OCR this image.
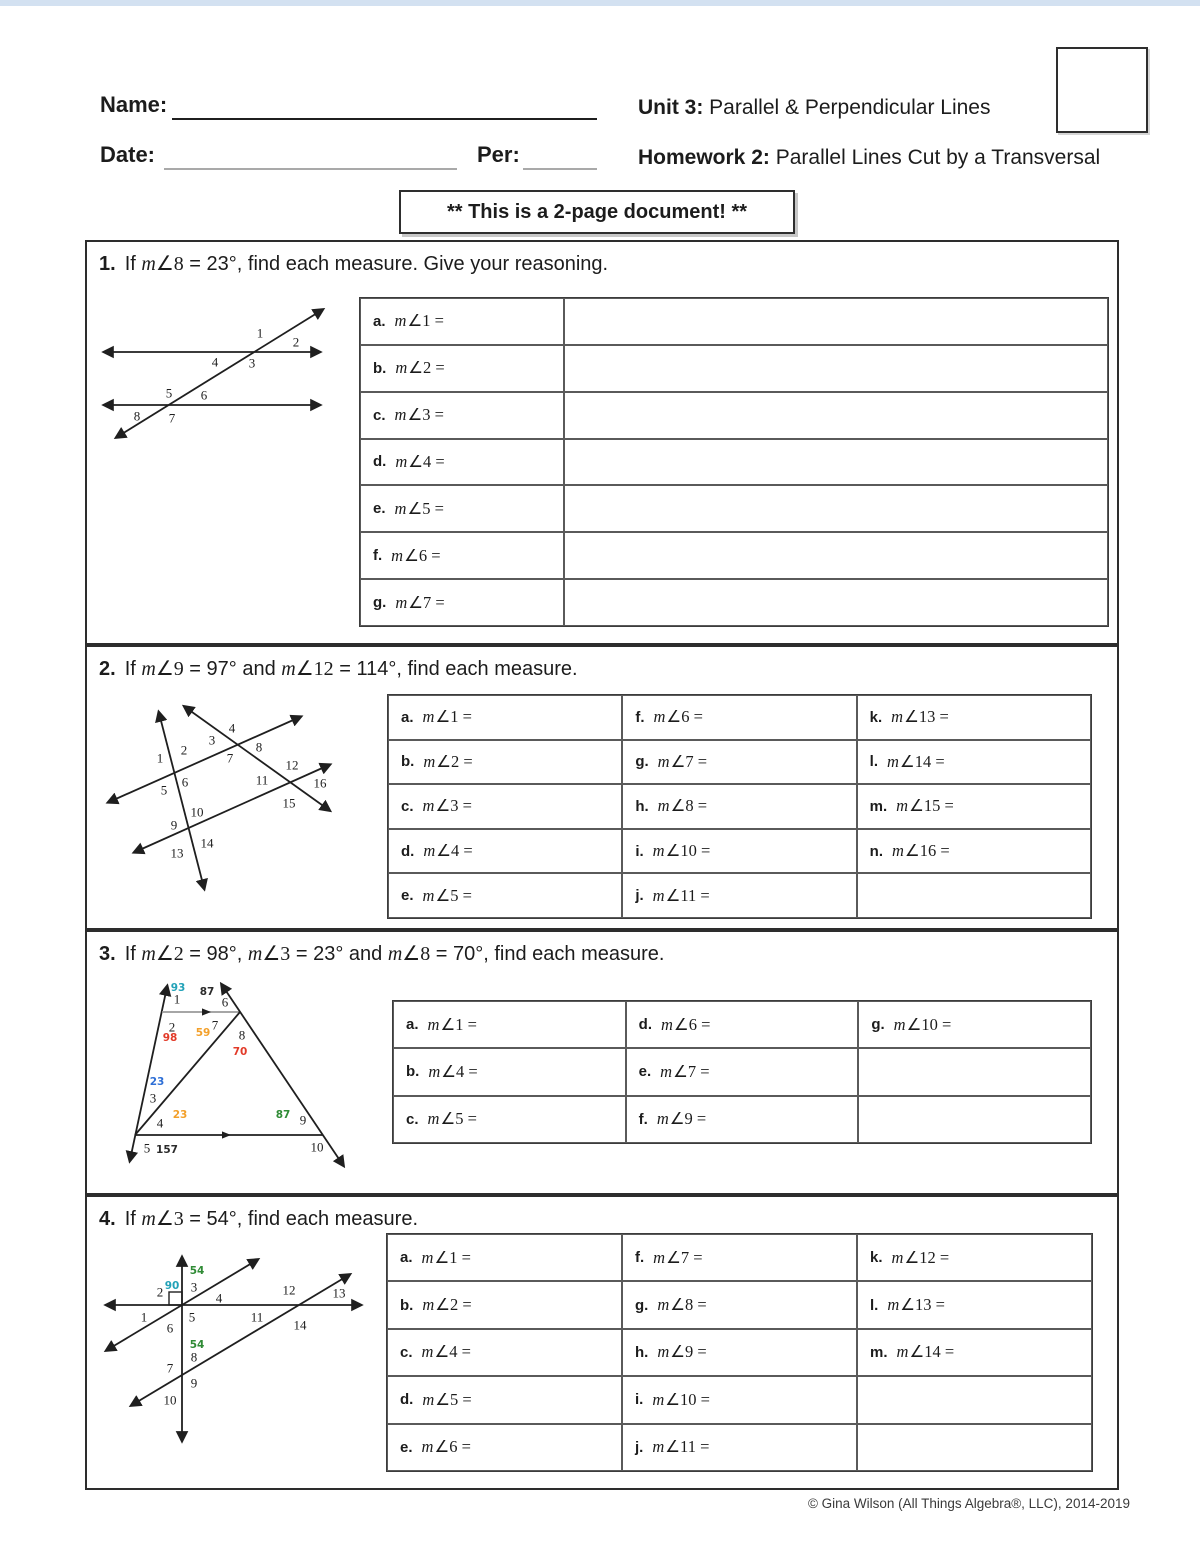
Name:	Unit 3: Parallel & Perpendicular Lines
Date:	Per:	Homework 2: Parallel Lines Cut by a Transversal
** This is a 2-page document! **
1. If m∠8 = 23°, find each measure. Give your reasoning.
1
2
4 3
5 6
8 7
a. m∠1 =
b. m∠2 =
c. m∠3 =
d. m∠4 =
e. m∠5 =
f. m∠6 =
g. m∠7 =
2. If m∠9 = 97° and m∠12 = 114°, find each measure.
1
2
5
6
3
4
7
8
9
10
13
14
11
12
15
16
a. m∠1 =	f. m∠6 =	k. m∠13 =
b. m∠2 =	g. m∠7 =	l. m∠14 =
c. m∠3 =	h. m∠8 =	m. m∠15 =
d. m∠4 =	i. m∠10 =	n. m∠16 =
e. m∠5 =	j. m∠11 =
3. If m∠2 = 98°, m∠3 = 23° and m∠8 = 70°, find each measure.
93
1 87
6
2
98 59
7
8
70
23
3
4
23	87 9
5 157	10
a. m∠1 =	d. m∠6 =	g. m∠10 =
b. m∠4 =	e. m∠7 =
c. m∠5 =	f. m∠9 =
4. If m∠3 = 54°, find each measure.
54
3
90
2	12	13
4
1	5	11
14
6
54
8
7
9
10
a. m∠1 =	f. m∠7 =	k. m∠12 =
b. m∠2 =	g. m∠8 =	l. m∠13 =
c. m∠4 =	h. m∠9 =	m. m∠14 =
d. m∠5 =	i. m∠10 =
e. m∠6 =	j. m∠11 =
© Gina Wilson (All Things Algebra®, LLC), 2014-2019
